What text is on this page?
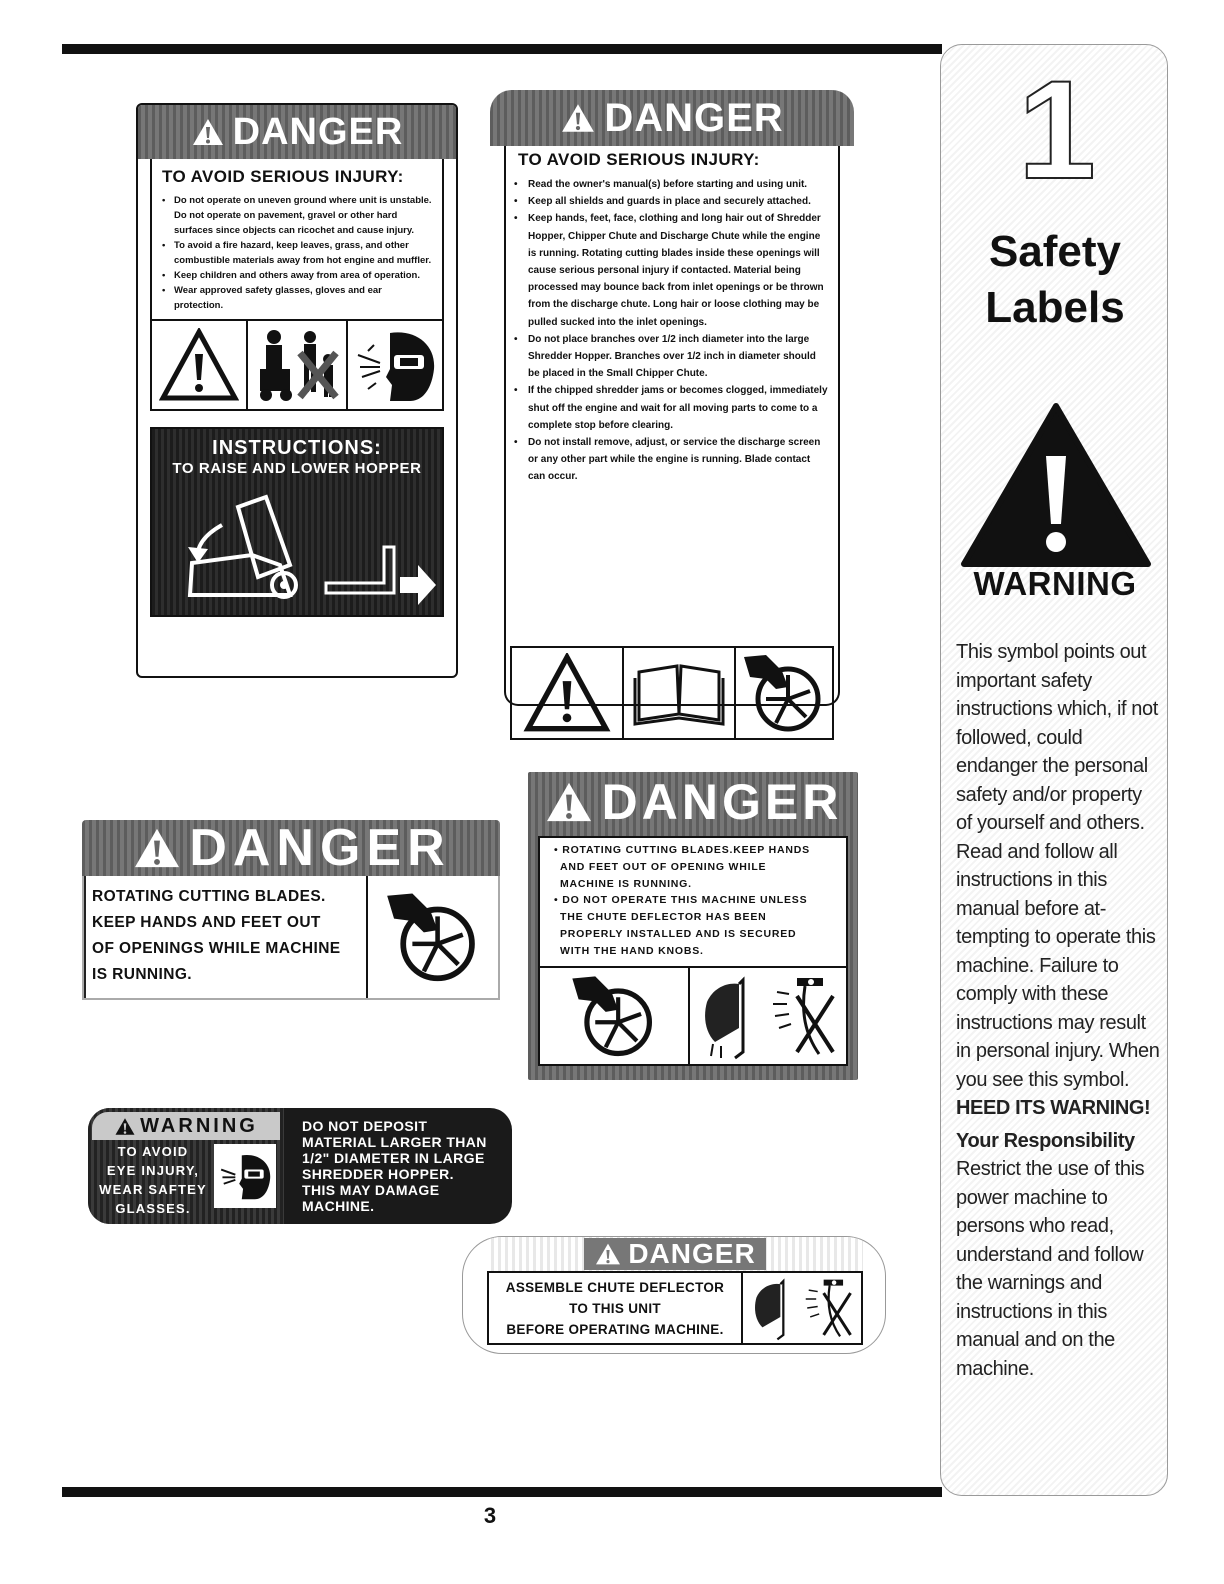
3
1
Safety
Labels
WARNING
This symbol points out important safety instructions which, if not followed, could endanger the personal safety and/or property of yourself and others. Read and follow all instructions in this manual before at-tempting to operate this machine. Failure to comply with these instructions may result in personal injury. When you see this symbol.
HEED ITS WARNING!
Your Responsibility
Restrict the use of this power machine to persons who read, understand and follow the warnings and instructions in this manual and on the machine.
DANGER
TO AVOID SERIOUS INJURY:
• Do not operate on uneven ground where unit is unstable. Do not operate on pavement, gravel or other hard surfaces since objects can ricochet and cause injury.
• To avoid a fire hazard, keep leaves, grass, and other combustible materials away from hot engine and muffler.
• Keep children and others away from area of operation.
• Wear approved safety glasses, gloves and ear protection.
INSTRUCTIONS:
TO RAISE AND LOWER HOPPER
DANGER
TO AVOID SERIOUS INJURY:
• Read the owner's manual(s) before starting and using unit.
• Keep all shields and guards in place and securely attached.
• Keep hands, feet, face, clothing and long hair out of Shredder Hopper, Chipper Chute and Discharge Chute while the engine is running. Rotating cutting blades inside these openings will cause serious personal injury if contacted. Material being processed may bounce back from inlet openings or be thrown from the discharge chute. Long hair or loose clothing may be pulled sucked into the inlet openings.
• Do not place branches over 1/2 inch diameter into the large Shredder Hopper. Branches over 1/2 inch in diameter should be placed in the Small Chipper Chute.
• If the chipped shredder jams or becomes clogged, immediately shut off the engine and wait for all moving parts to come to a complete stop before clearing.
• Do not install remove, adjust, or service the discharge screen or any other part while the engine is running. Blade contact can occur.
DANGER
ROTATING CUTTING BLADES.
KEEP HANDS AND FEET OUT
OF OPENINGS WHILE MACHINE
IS RUNNING.
DANGER
• ROTATING CUTTING BLADES.KEEP HANDS
AND FEET OUT OF OPENING WHILE
MACHINE IS RUNNING.
• DO NOT OPERATE THIS MACHINE UNLESS
THE CHUTE DEFLECTOR HAS BEEN
PROPERLY INSTALLED AND IS SECURED
WITH THE HAND KNOBS.
WARNING
TO AVOID
EYE INJURY,
WEAR SAFTEY
GLASSES.
DO NOT DEPOSIT
MATERIAL LARGER THAN
1/2" DIAMETER IN LARGE
SHREDDER HOPPER.
THIS MAY DAMAGE
MACHINE.
DANGER
ASSEMBLE CHUTE DEFLECTOR
TO THIS UNIT
BEFORE OPERATING MACHINE.
